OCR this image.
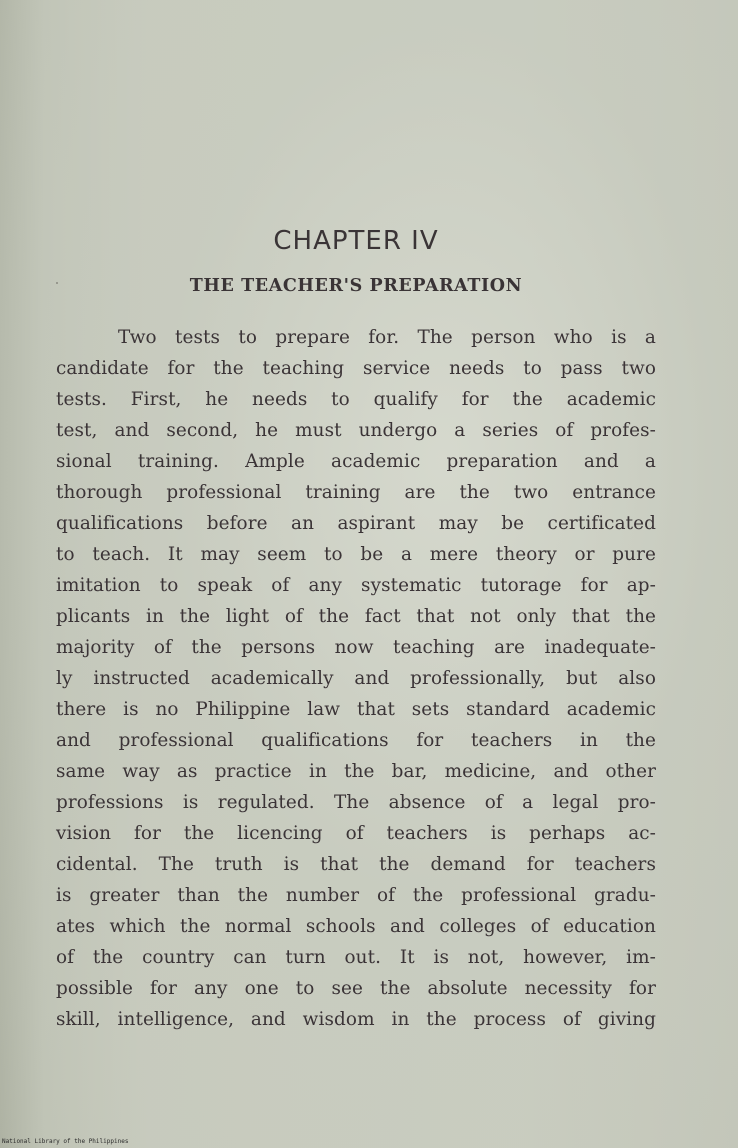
CHAPTER IV
THE TEACHER'S PREPARATION
Two tests to prepare for. The person who is a
candidate for the teaching service needs to pass two
tests. First, he needs to qualify for the academic
test, and second, he must undergo a series of profes-
sional training. Ample academic preparation and a
thorough professional training are the two entrance
qualifications before an aspirant may be certificated
to teach. It may seem to be a mere theory or pure
imitation to speak of any systematic tutorage for ap-
plicants in the light of the fact that not only that the
majority of the persons now teaching are inadequate-
ly instructed academically and professionally, but also
there is no Philippine law that sets standard academic
and professional qualifications for teachers in the
same way as practice in the bar, medicine, and other
professions is regulated. The absence of a legal pro-
vision for the licencing of teachers is perhaps ac-
cidental. The truth is that the demand for teachers
is greater than the number of the professional gradu-
ates which the normal schools and colleges of education
of the country can turn out. It is not, however, im-
possible for any one to see the absolute necessity for
skill, intelligence, and wisdom in the process of giving
National Library of the Philippines
